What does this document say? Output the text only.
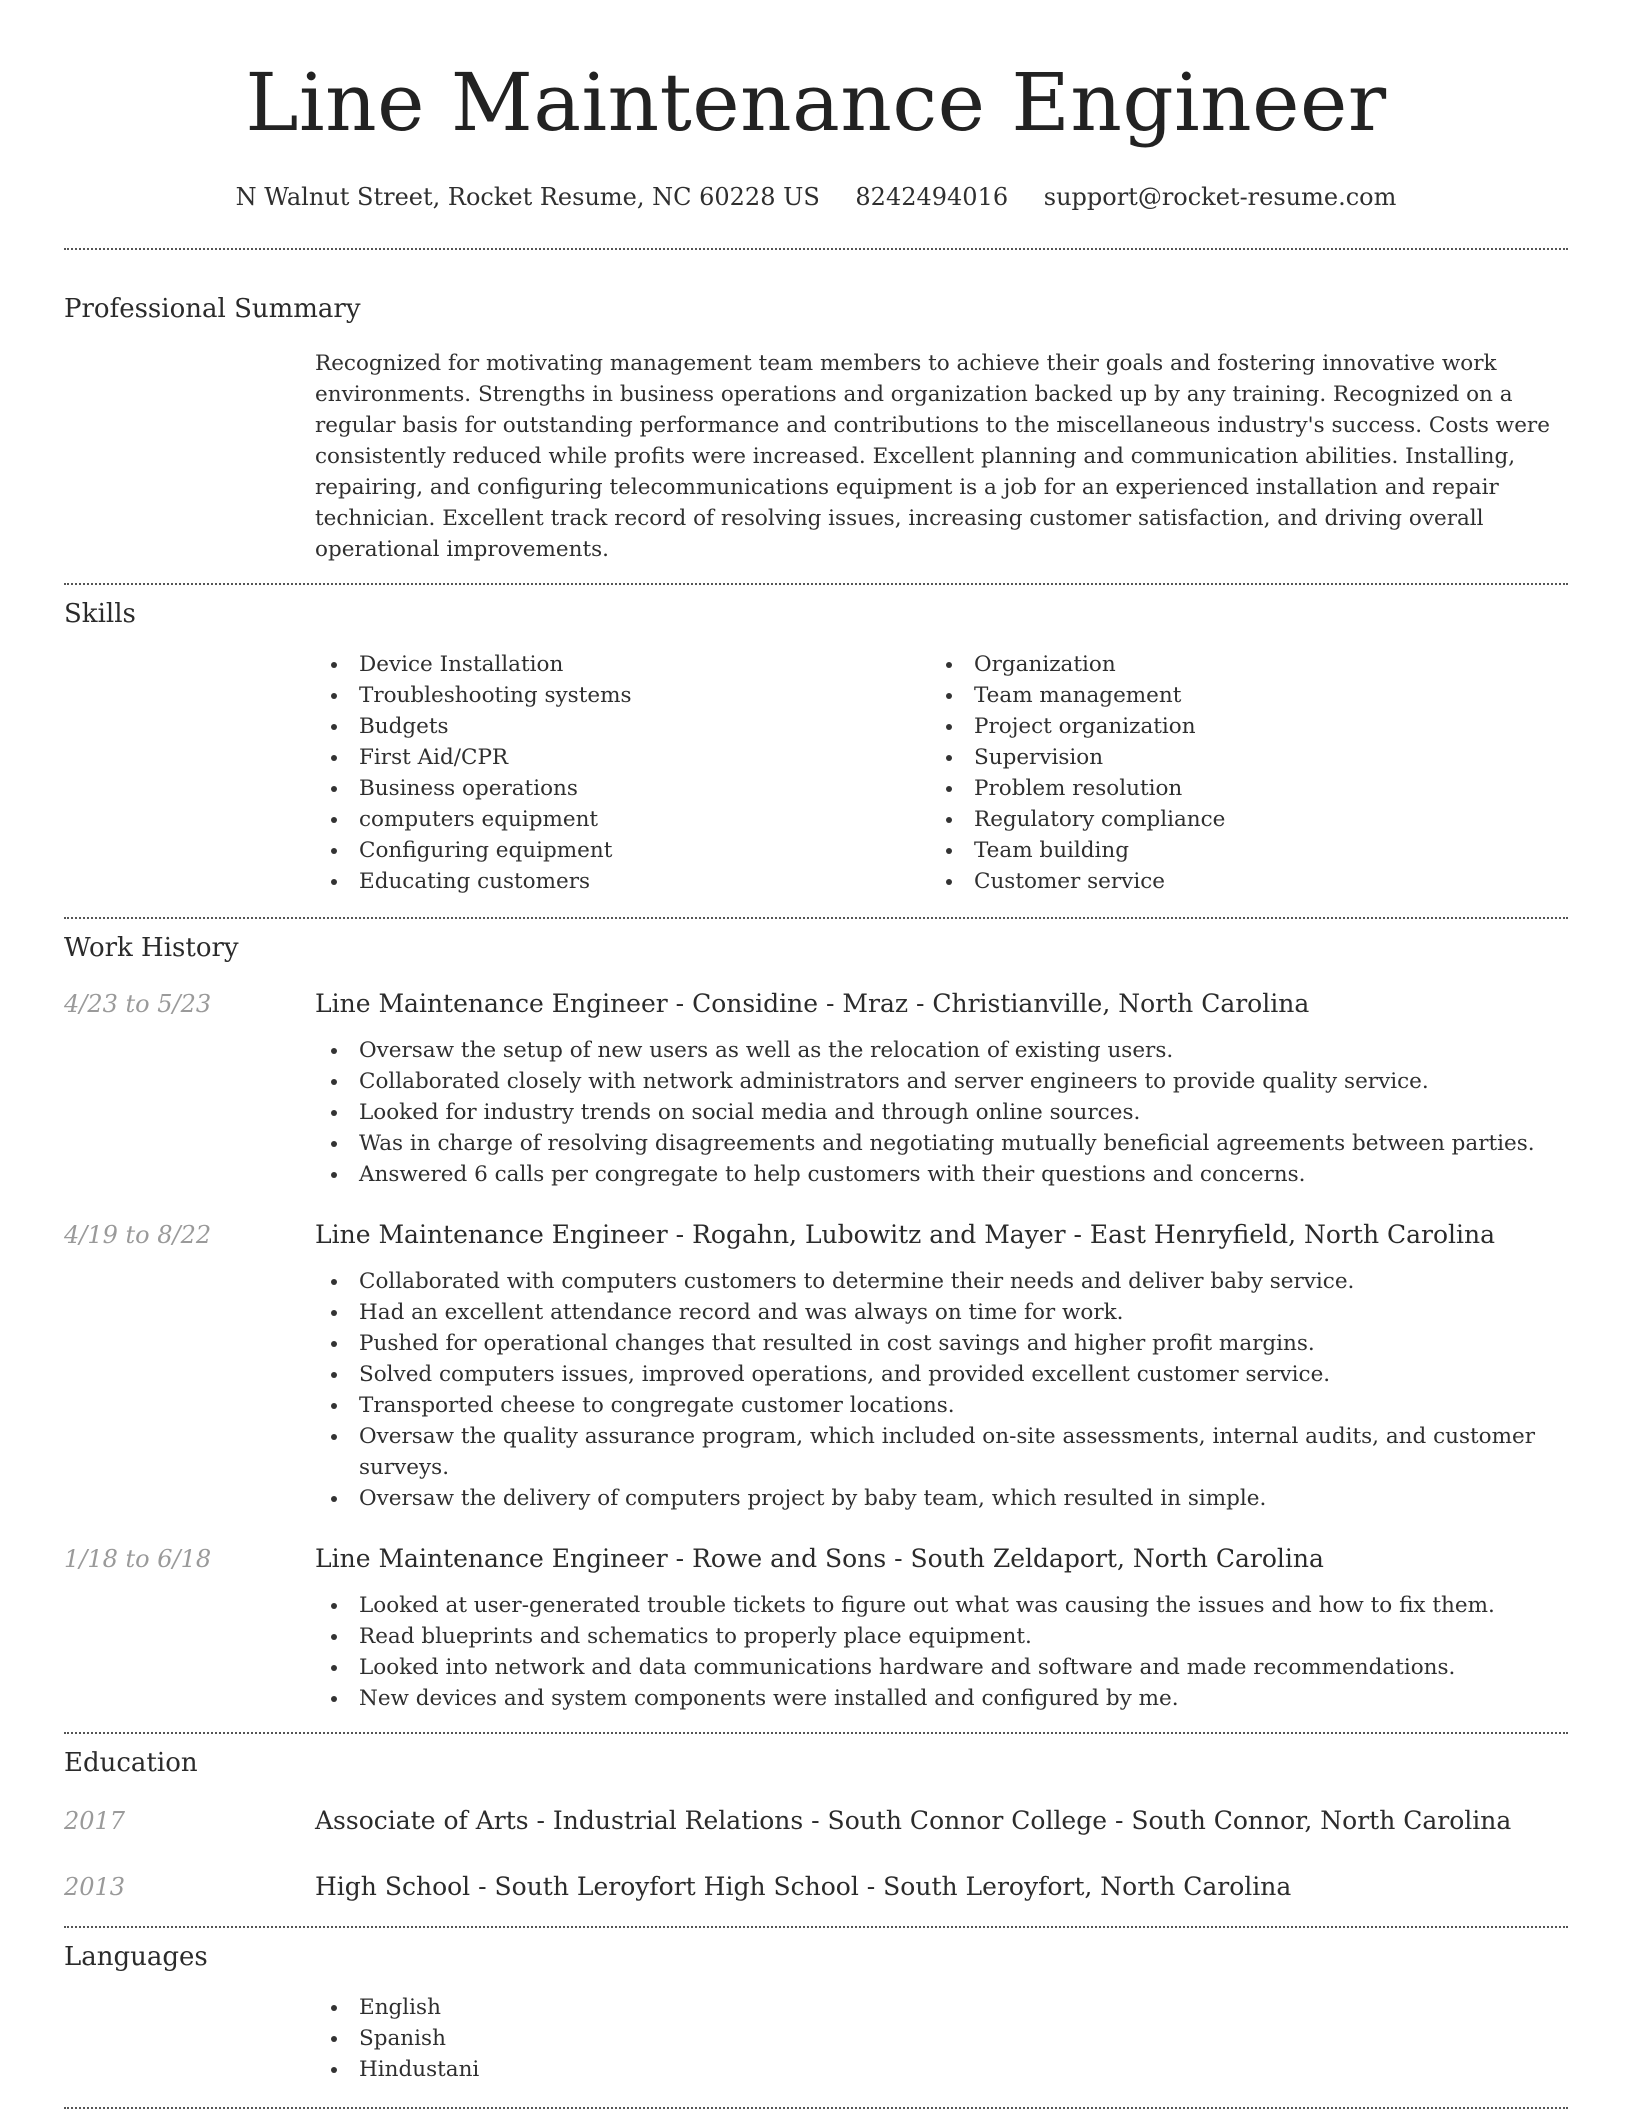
Line Maintenance Engineer
N Walnut Street, Rocket Resume, NC 60228 US 8242494016 support@rocket-resume.com
Professional Summary
Recognized for motivating management team members to achieve their goals and fostering innovative work environments. Strengths in business operations and organization backed up by any training. Recognized on a regular basis for outstanding performance and contributions to the miscellaneous industry's success. Costs were consistently reduced while profits were increased. Excellent planning and communication abilities. Installing, repairing, and configuring telecommunications equipment is a job for an experienced installation and repair technician. Excellent track record of resolving issues, increasing customer satisfaction, and driving overall operational improvements.
Skills
Device Installation
Troubleshooting systems
Budgets
First Aid/CPR
Business operations
computers equipment
Configuring equipment
Educating customers
Organization
Team management
Project organization
Supervision
Problem resolution
Regulatory compliance
Team building
Customer service
Work History
4/23 to 5/23	Line Maintenance Engineer - Considine - Mraz - Christianville, North Carolina
Oversaw the setup of new users as well as the relocation of existing users.
Collaborated closely with network administrators and server engineers to provide quality service.
Looked for industry trends on social media and through online sources.
Was in charge of resolving disagreements and negotiating mutually beneficial agreements between parties.
Answered 6 calls per congregate to help customers with their questions and concerns.
4/19 to 8/22	Line Maintenance Engineer - Rogahn, Lubowitz and Mayer - East Henryfield, North Carolina
Collaborated with computers customers to determine their needs and deliver baby service.
Had an excellent attendance record and was always on time for work.
Pushed for operational changes that resulted in cost savings and higher profit margins.
Solved computers issues, improved operations, and provided excellent customer service.
Transported cheese to congregate customer locations.
Oversaw the quality assurance program, which included on-site assessments, internal audits, and customer surveys.
Oversaw the delivery of computers project by baby team, which resulted in simple.
1/18 to 6/18	Line Maintenance Engineer - Rowe and Sons - South Zeldaport, North Carolina
Looked at user-generated trouble tickets to figure out what was causing the issues and how to fix them.
Read blueprints and schematics to properly place equipment.
Looked into network and data communications hardware and software and made recommendations.
New devices and system components were installed and configured by me.
Education
2017	Associate of Arts - Industrial Relations - South Connor College - South Connor, North Carolina
2013	High School - South Leroyfort High School - South Leroyfort, North Carolina
Languages
English
Spanish
Hindustani
